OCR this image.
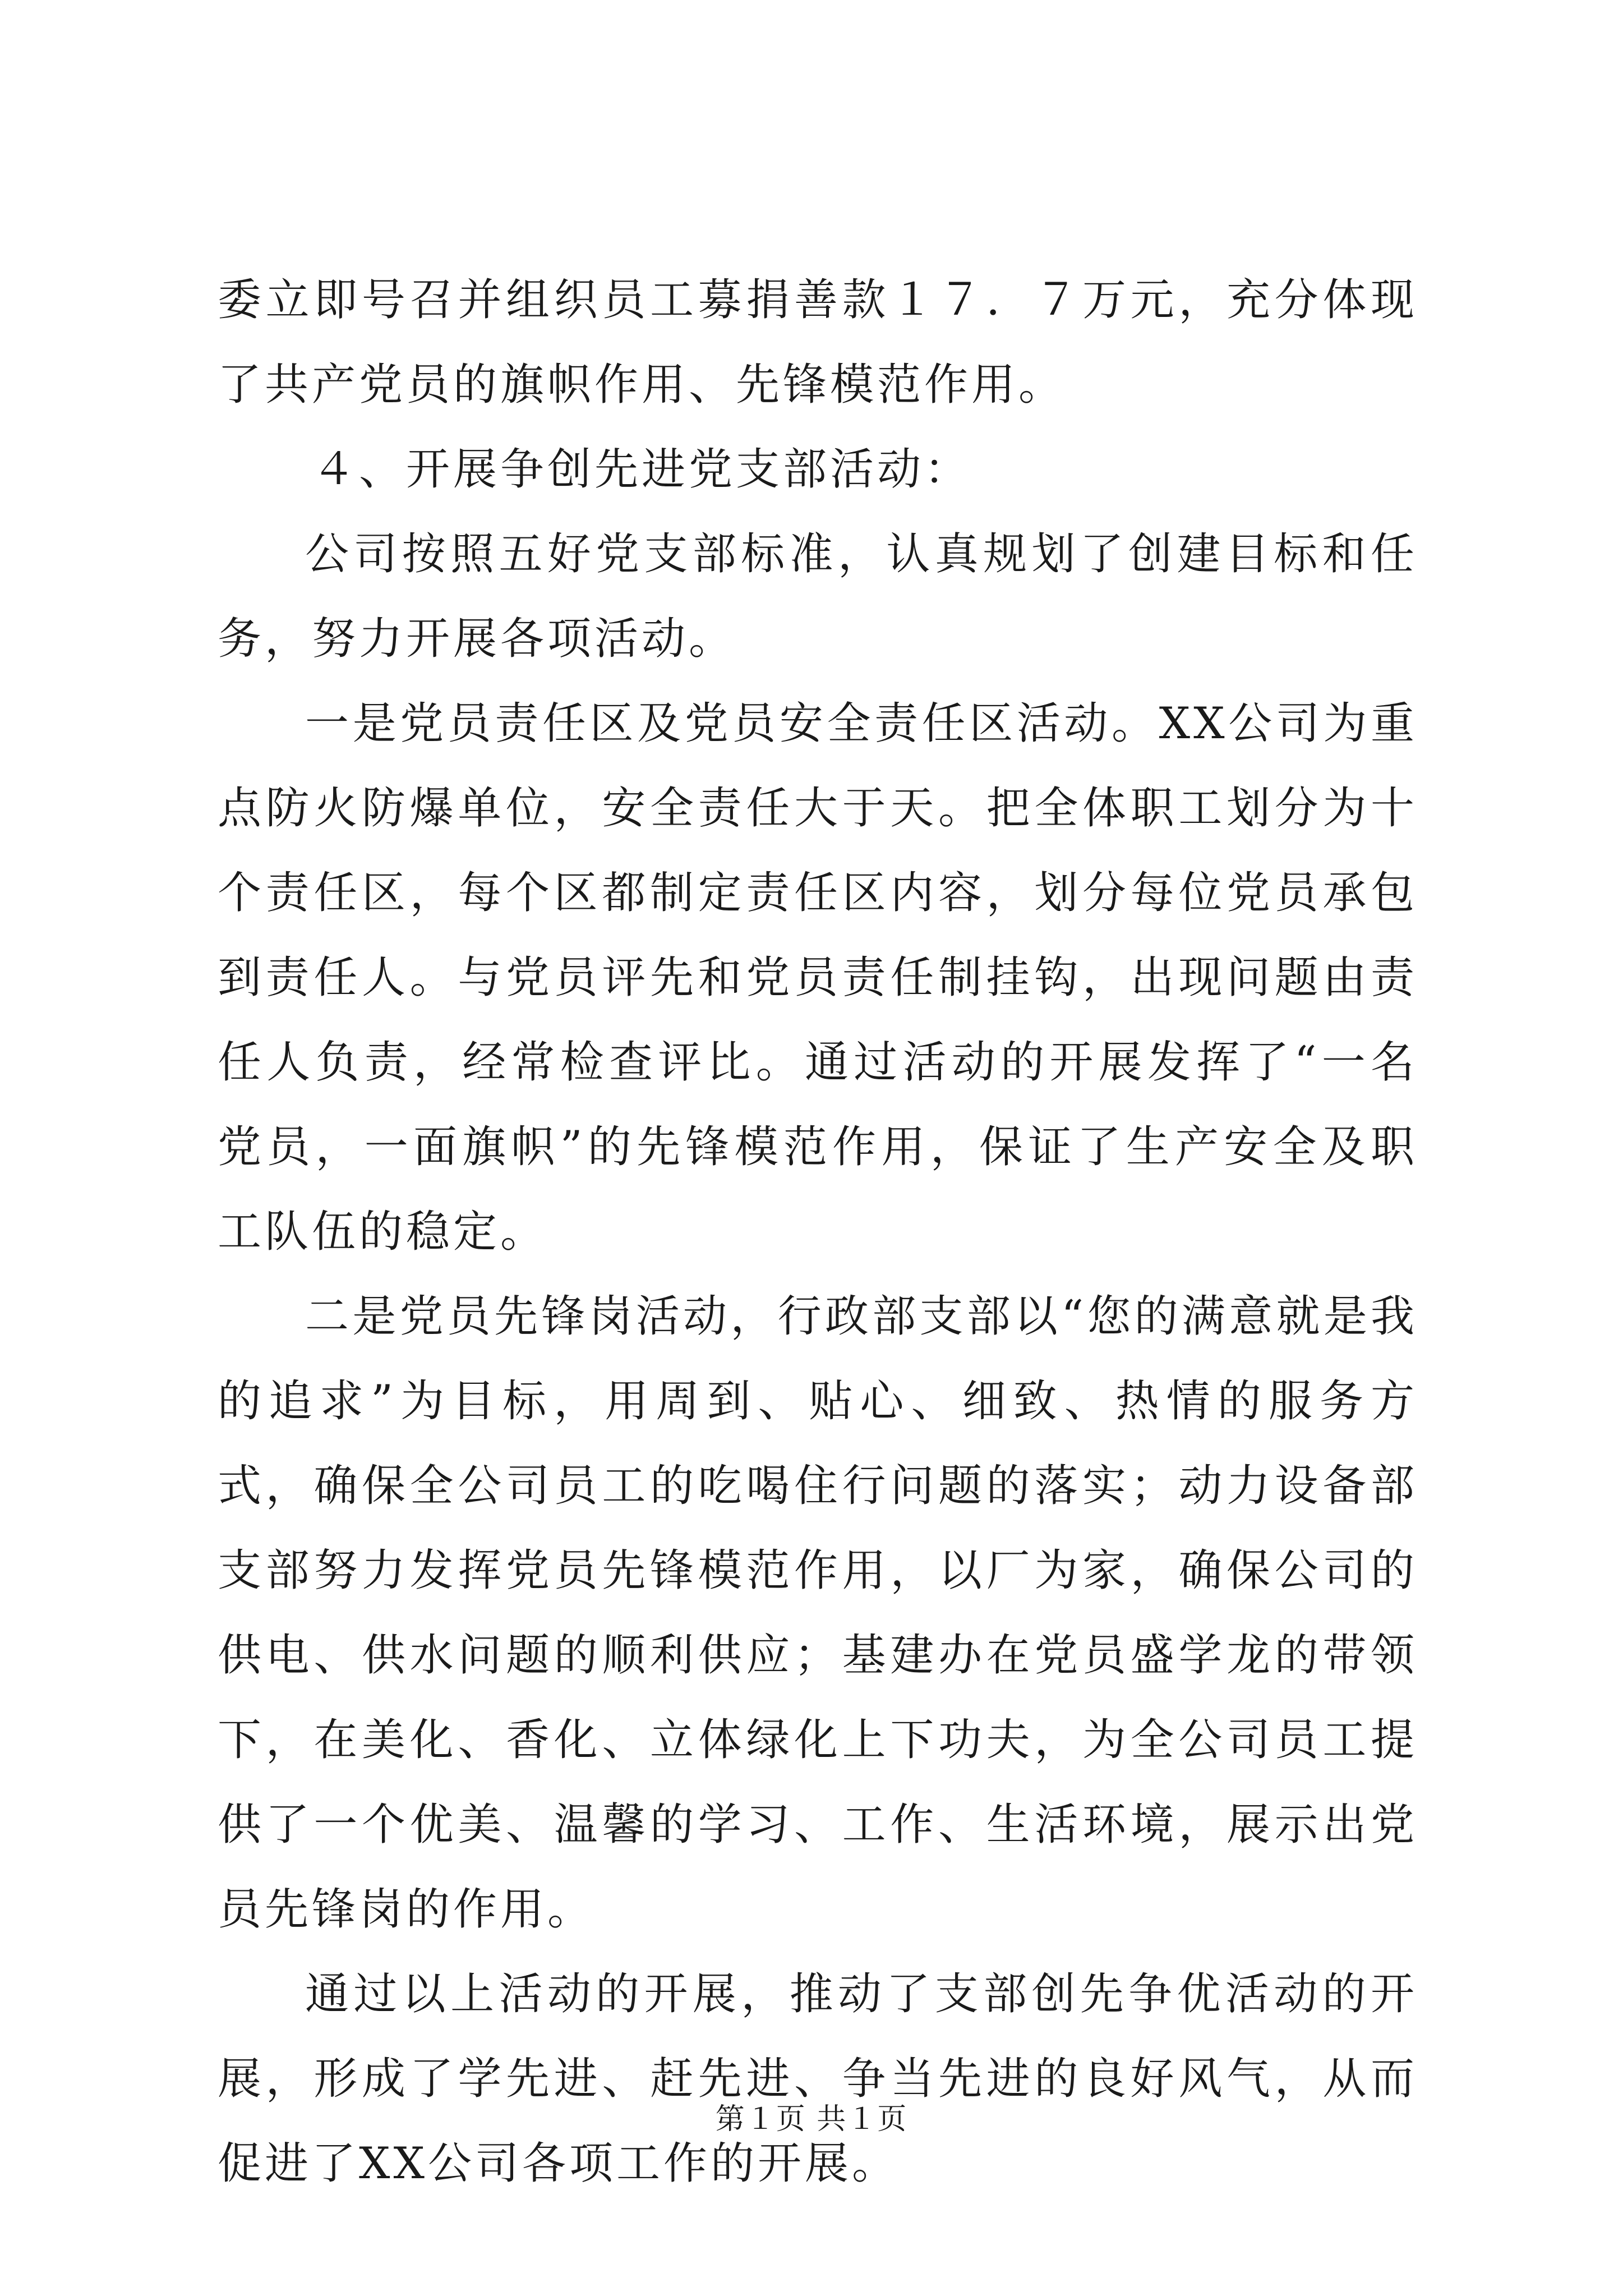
委立即号召并组织员工募捐善款１７．７万元，充分体现了共产党员的旗帜作用、先锋模范作用。

４、开展争创先进党支部活动：

公司按照五好党支部标准，认真规划了创建目标和任务，努力开展各项活动。

一是党员责任区及党员安全责任区活动。XX公司为重点防火防爆单位，安全责任大于天。把全体职工划分为十个责任区，每个区都制定责任区内容，划分每位党员承包到责任人。与党员评先和党员责任制挂钩，出现问题由责任人负责，经常检查评比。通过活动的开展发挥了“一名党员，一面旗帜”的先锋模范作用，保证了生产安全及职工队伍的稳定。

二是党员先锋岗活动，行政部支部以“您的满意就是我的追求”为目标，用周到、贴心、细致、热情的服务方式，确保全公司员工的吃喝住行问题的落实；动力设备部支部努力发挥党员先锋模范作用，以厂为家，确保公司的供电、供水问题的顺利供应；基建办在党员盛学龙的带领下，在美化、香化、立体绿化上下功夫，为全公司员工提供了一个优美、温馨的学习、工作、生活环境，展示出党员先锋岗的作用。

通过以上活动的开展，推动了支部创先争优活动的开展，形成了学先进、赶先进、争当先进的良好风气，从而促进了XX公司各项工作的开展。

第１页 共１页
